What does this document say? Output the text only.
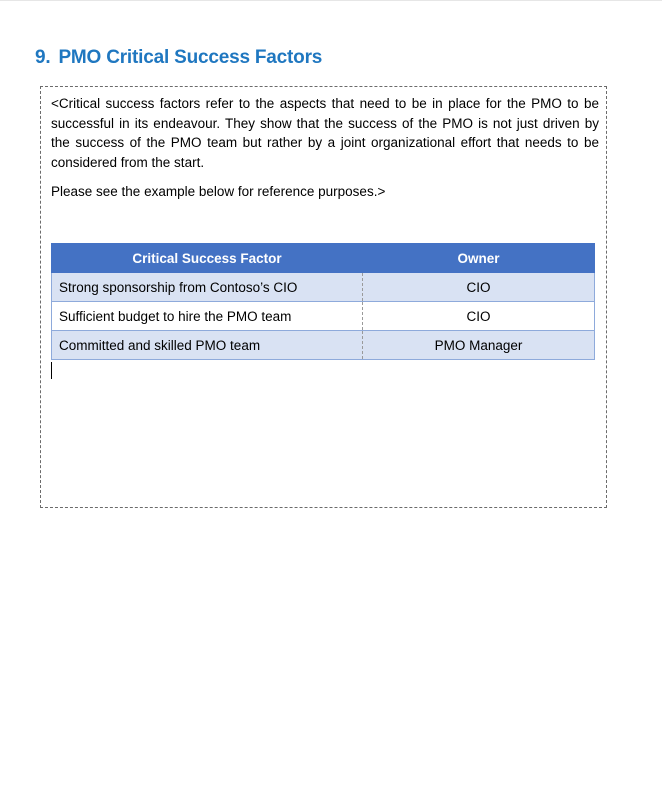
9. PMO Critical Success Factors

<Critical success factors refer to the aspects that need to be in place for the PMO to be successful in its endeavour. They show that the success of the PMO is not just driven by the success of the PMO team but rather by a joint organizational effort that needs to be considered from the start.

Please see the example below for reference purposes.>

Critical Success Factor	Owner
Strong sponsorship from Contoso’s CIO	CIO
Sufficient budget to hire the PMO team	CIO
Committed and skilled PMO team	PMO Manager
